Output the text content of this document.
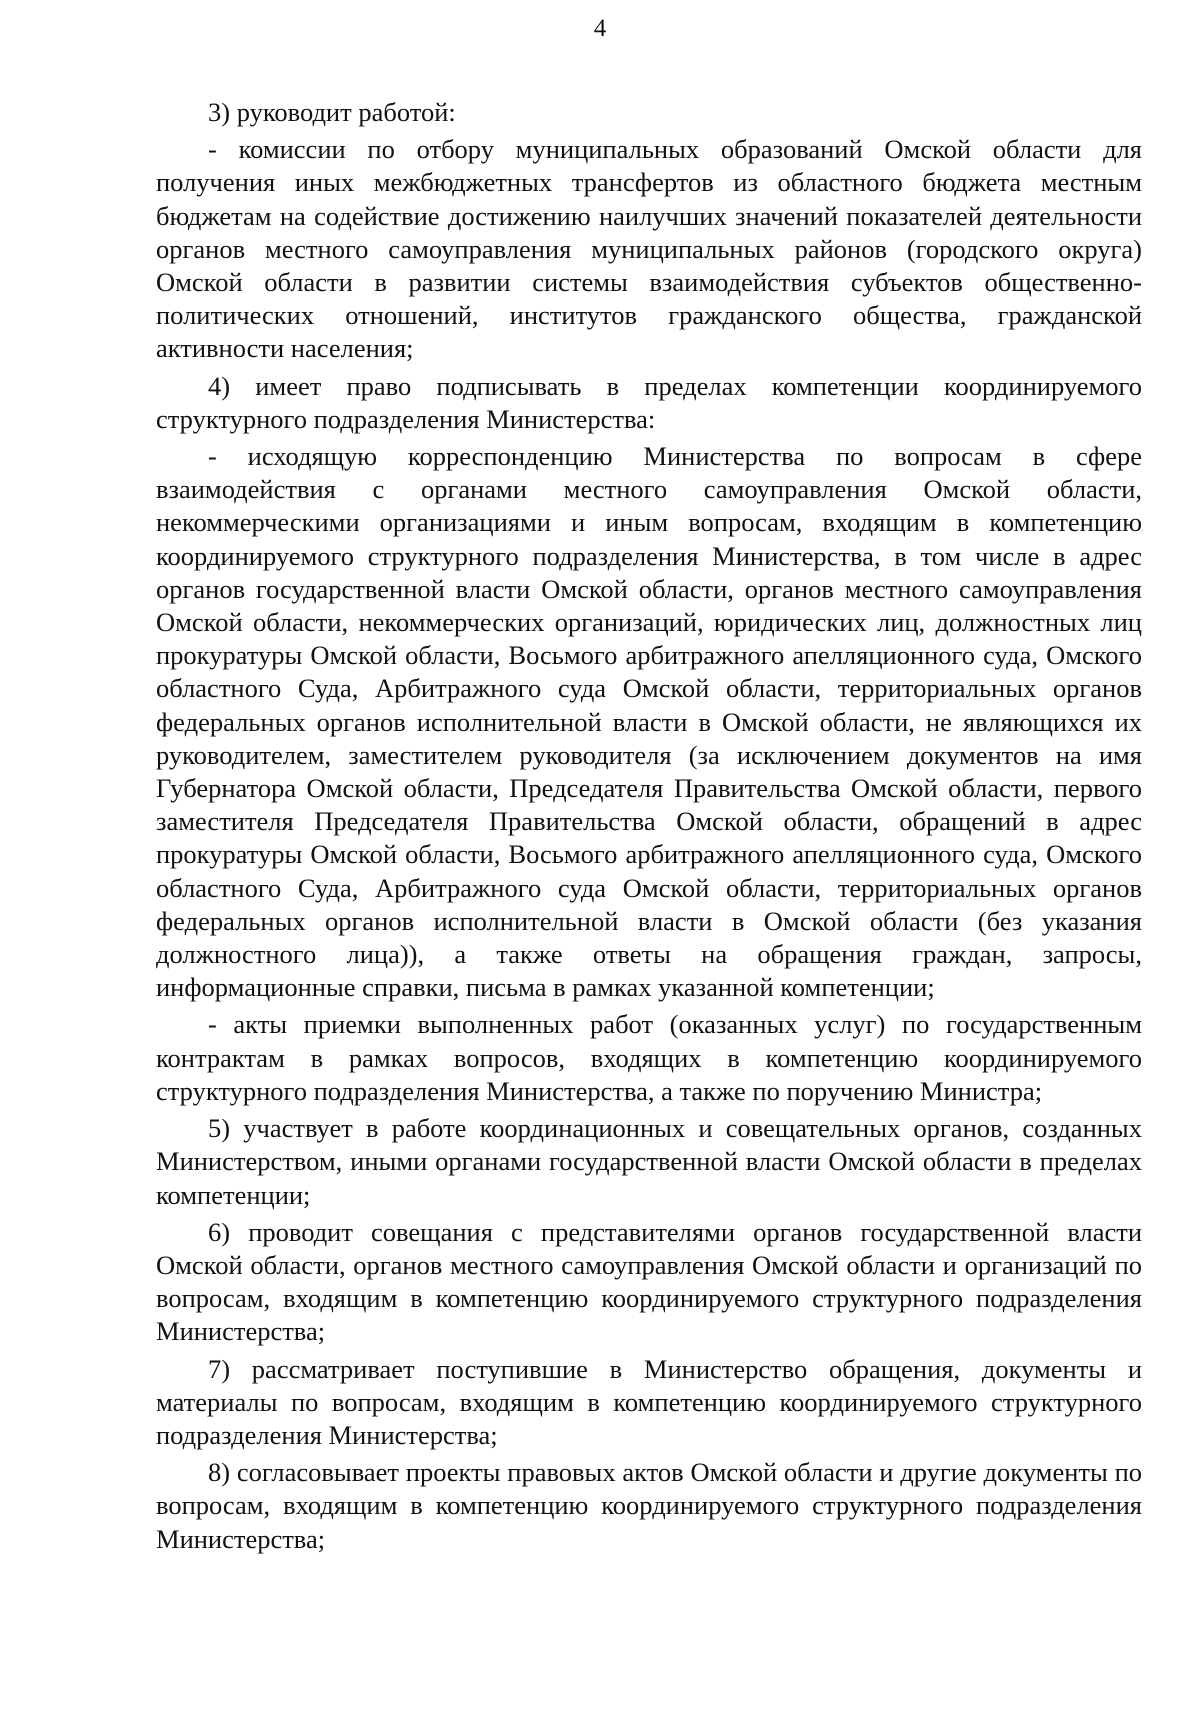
4

3) руководит работой:

- комиссии по отбору муниципальных образований Омской области для получения иных межбюджетных трансфертов из областного бюджета местным бюджетам на содействие достижению наилучших значений показателей деятельности органов местного самоуправления муниципальных районов (городского округа) Омской области в развитии системы взаимодействия субъектов общественно-политических отношений, институтов гражданского общества, гражданской активности населения;

4) имеет право подписывать в пределах компетенции координируемого структурного подразделения Министерства:

- исходящую корреспонденцию Министерства по вопросам в сфере взаимодействия с органами местного самоуправления Омской области, некоммерческими организациями и иным вопросам, входящим в компетенцию координируемого структурного подразделения Министерства, в том числе в адрес органов государственной власти Омской области, органов местного самоуправления Омской области, некоммерческих организаций, юридических лиц, должностных лиц прокуратуры Омской области, Восьмого арбитражного апелляционного суда, Омского областного Суда, Арбитражного суда Омской области, территориальных органов федеральных органов исполнительной власти в Омской области, не являющихся их руководителем, заместителем руководителя (за исключением документов на имя Губернатора Омской области, Председателя Правительства Омской области, первого заместителя Председателя Правительства Омской области, обращений в адрес прокуратуры Омской области, Восьмого арбитражного апелляционного суда, Омского областного Суда, Арбитражного суда Омской области, территориальных органов федеральных органов исполнительной власти в Омской области (без указания должностного лица)), а также ответы на обращения граждан, запросы, информационные справки, письма в рамках указанной компетенции;

- акты приемки выполненных работ (оказанных услуг) по государственным контрактам в рамках вопросов, входящих в компетенцию координируемого структурного подразделения Министерства, а также по поручению Министра;

5) участвует в работе координационных и совещательных органов, созданных Министерством, иными органами государственной власти Омской области в пределах компетенции;

6) проводит совещания с представителями органов государственной власти Омской области, органов местного самоуправления Омской области и организаций по вопросам, входящим в компетенцию координируемого структурного подразделения Министерства;

7) рассматривает поступившие в Министерство обращения, документы и материалы по вопросам, входящим в компетенцию координируемого структурного подразделения Министерства;

8) согласовывает проекты правовых актов Омской области и другие документы по вопросам, входящим в компетенцию координируемого структурного подразделения Министерства;
